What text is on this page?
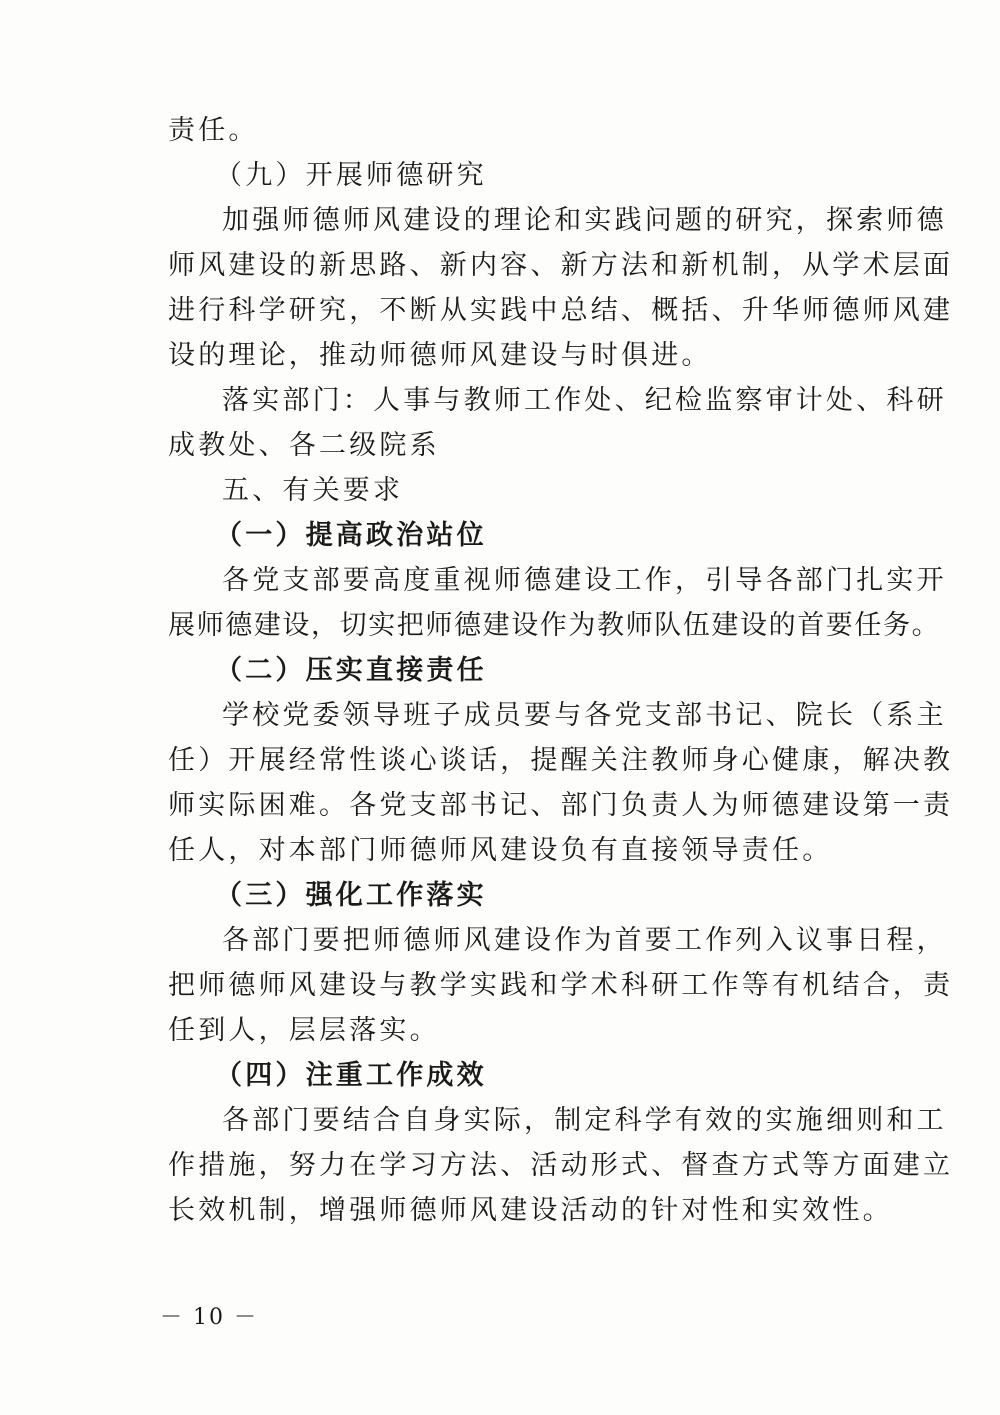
责任。
（九）开展师德研究
加强师德师风建设的理论和实践问题的研究，探索师德
师风建设的新思路、新内容、新方法和新机制，从学术层面
进行科学研究，不断从实践中总结、概括、升华师德师风建
设的理论，推动师德师风建设与时俱进。
落实部门：人事与教师工作处、纪检监察审计处、科研
成教处、各二级院系
五、有关要求
（一）提高政治站位
各党支部要高度重视师德建设工作，引导各部门扎实开
展师德建设，切实把师德建设作为教师队伍建设的首要任务。
（二）压实直接责任
学校党委领导班子成员要与各党支部书记、院长（系主
任）开展经常性谈心谈话，提醒关注教师身心健康，解决教
师实际困难。各党支部书记、部门负责人为师德建设第一责
任人，对本部门师德师风建设负有直接领导责任。
（三）强化工作落实
各部门要把师德师风建设作为首要工作列入议事日程，
把师德师风建设与教学实践和学术科研工作等有机结合，责
任到人，层层落实。
（四）注重工作成效
各部门要结合自身实际，制定科学有效的实施细则和工
作措施，努力在学习方法、活动形式、督查方式等方面建立
长效机制，增强师德师风建设活动的针对性和实效性。
－ 10 －
